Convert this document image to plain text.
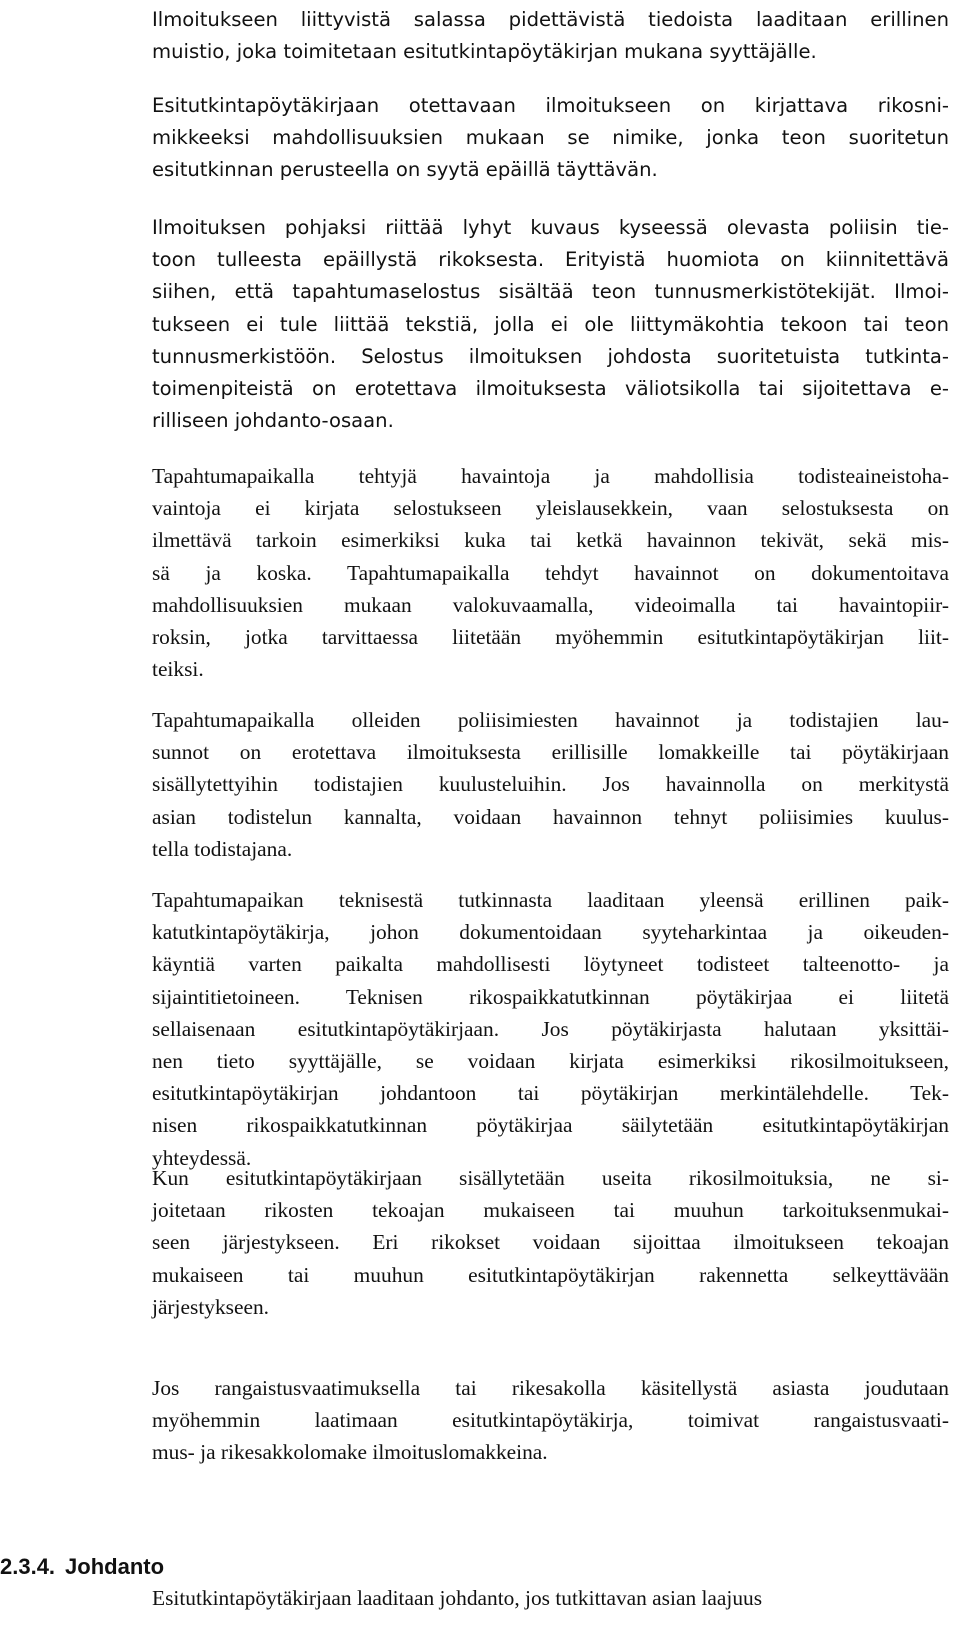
Ilmoitukseen liittyvistä salassa pidettävistä tiedoista laaditaan erillinen
muistio, joka toimitetaan esitutkintapöytäkirjan mukana syyttäjälle.

Esitutkintapöytäkirjaan otettavaan ilmoitukseen on kirjattava rikosni-
mikkeeksi mahdollisuuksien mukaan se nimike, jonka teon suoritetun
esitutkinnan perusteella on syytä epäillä täyttävän.

Ilmoituksen pohjaksi riittää lyhyt kuvaus kyseessä olevasta poliisin tie-
toon tulleesta epäillystä rikoksesta. Erityistä huomiota on kiinnitettävä
siihen, että tapahtumaselostus sisältää teon tunnusmerkistötekijät. Ilmoi-
tukseen ei tule liittää tekstiä, jolla ei ole liittymäkohtia tekoon tai teon
tunnusmerkistöön. Selostus ilmoituksen johdosta suoritetuista tutkinta-
toimenpiteistä on erotettava ilmoituksesta väliotsikolla tai sijoitettava e-
rilliseen johdanto-osaan.

Tapahtumapaikalla tehtyjä havaintoja ja mahdollisia todisteaineistoha-
vaintoja ei kirjata selostukseen yleislausekkein, vaan selostuksesta on
ilmettävä tarkoin esimerkiksi kuka tai ketkä havainnon tekivät, sekä mis-
sä ja koska. Tapahtumapaikalla tehdyt havainnot on dokumentoitava
mahdollisuuksien mukaan valokuvaamalla, videoimalla tai havaintopiir-
roksin, jotka tarvittaessa liitetään myöhemmin esitutkintapöytäkirjan liit-
teiksi.

Tapahtumapaikalla olleiden poliisimiesten havainnot ja todistajien lau-
sunnot on erotettava ilmoituksesta erillisille lomakkeille tai pöytäkirjaan
sisällytettyihin todistajien kuulusteluihin. Jos havainnolla on merkitystä
asian todistelun kannalta, voidaan havainnon tehnyt poliisimies kuulus-
tella todistajana.

Tapahtumapaikan teknisestä tutkinnasta laaditaan yleensä erillinen paik-
katutkintapöytäkirja, johon dokumentoidaan syyteharkintaa ja oikeuden-
käyntiä varten paikalta mahdollisesti löytyneet todisteet talteenotto- ja
sijaintitietoineen. Teknisen rikospaikkatutkinnan pöytäkirjaa ei liitetä
sellaisenaan esitutkintapöytäkirjaan. Jos pöytäkirjasta halutaan yksittäi-
nen tieto syyttäjälle, se voidaan kirjata esimerkiksi rikosilmoitukseen,
esitutkintapöytäkirjan johdantoon tai pöytäkirjan merkintälehdelle. Tek-
nisen rikospaikkatutkinnan pöytäkirjaa säilytetään esitutkintapöytäkirjan
yhteydessä.

Kun esitutkintapöytäkirjaan sisällytetään useita rikosilmoituksia, ne si-
joitetaan rikosten tekoajan mukaiseen tai muuhun tarkoituksenmukai-
seen järjestykseen. Eri rikokset voidaan sijoittaa ilmoitukseen tekoajan
mukaiseen tai muuhun esitutkintapöytäkirjan rakennetta selkeyttävään
järjestykseen.

Jos rangaistusvaatimuksella tai rikesakolla käsitellystä asiasta joudutaan
myöhemmin laatimaan esitutkintapöytäkirja, toimivat rangaistusvaati-
mus- ja rikesakkolomake ilmoituslomakkeina.

Esitutkintapöytäkirjaan laaditaan johdanto, jos tutkittavan asian laajuus

2.3.4. Johdanto
